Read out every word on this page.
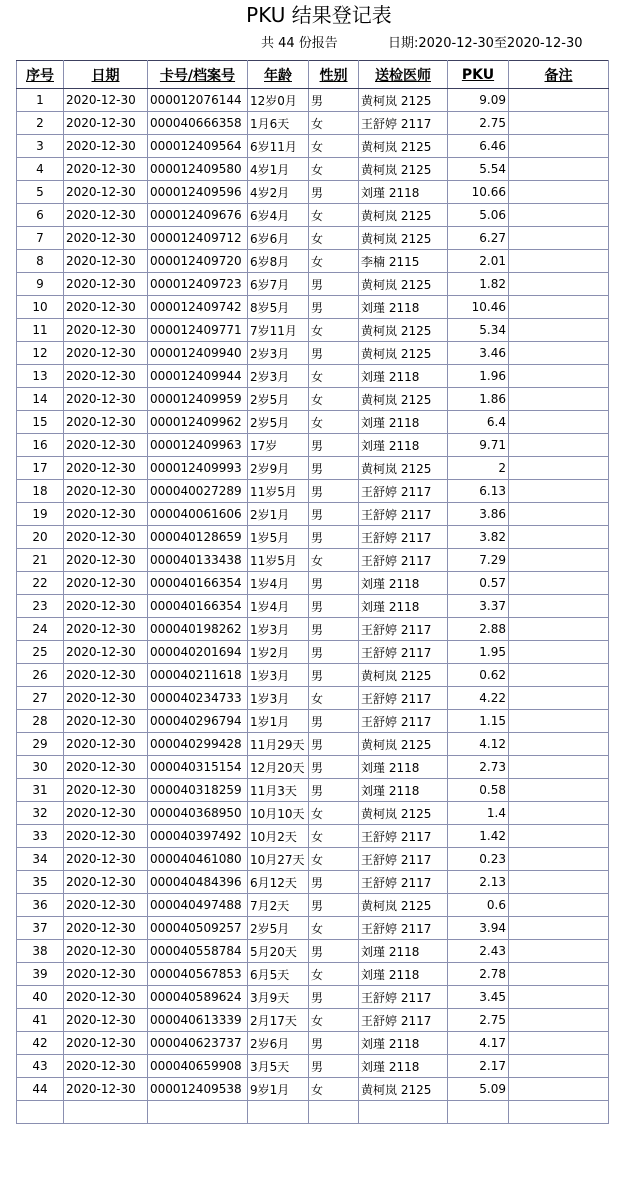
PKU 结果登记表
共 44 份报告	日期:2020-12-30至2020-12-30
序号	日期	卡号/档案号	年龄	性别	送检医师	PKU	备注
1	2020-12-30	000012076144	12岁0月	男	黄柯岚 2125	9.09	
2	2020-12-30	000040666358	1月6天	女	王舒婷 2117	2.75	
3	2020-12-30	000012409564	6岁11月	女	黄柯岚 2125	6.46	
4	2020-12-30	000012409580	4岁1月	女	黄柯岚 2125	5.54	
5	2020-12-30	000012409596	4岁2月	男	刘瑾 2118	10.66	
6	2020-12-30	000012409676	6岁4月	女	黄柯岚 2125	5.06	
7	2020-12-30	000012409712	6岁6月	女	黄柯岚 2125	6.27	
8	2020-12-30	000012409720	6岁8月	女	李楠 2115	2.01	
9	2020-12-30	000012409723	6岁7月	男	黄柯岚 2125	1.82	
10	2020-12-30	000012409742	8岁5月	男	刘瑾 2118	10.46	
11	2020-12-30	000012409771	7岁11月	女	黄柯岚 2125	5.34	
12	2020-12-30	000012409940	2岁3月	男	黄柯岚 2125	3.46	
13	2020-12-30	000012409944	2岁3月	女	刘瑾 2118	1.96	
14	2020-12-30	000012409959	2岁5月	女	黄柯岚 2125	1.86	
15	2020-12-30	000012409962	2岁5月	女	刘瑾 2118	6.4	
16	2020-12-30	000012409963	17岁	男	刘瑾 2118	9.71	
17	2020-12-30	000012409993	2岁9月	男	黄柯岚 2125	2	
18	2020-12-30	000040027289	11岁5月	男	王舒婷 2117	6.13	
19	2020-12-30	000040061606	2岁1月	男	王舒婷 2117	3.86	
20	2020-12-30	000040128659	1岁5月	男	王舒婷 2117	3.82	
21	2020-12-30	000040133438	11岁5月	女	王舒婷 2117	7.29	
22	2020-12-30	000040166354	1岁4月	男	刘瑾 2118	0.57	
23	2020-12-30	000040166354	1岁4月	男	刘瑾 2118	3.37	
24	2020-12-30	000040198262	1岁3月	男	王舒婷 2117	2.88	
25	2020-12-30	000040201694	1岁2月	男	王舒婷 2117	1.95	
26	2020-12-30	000040211618	1岁3月	男	黄柯岚 2125	0.62	
27	2020-12-30	000040234733	1岁3月	女	王舒婷 2117	4.22	
28	2020-12-30	000040296794	1岁1月	男	王舒婷 2117	1.15	
29	2020-12-30	000040299428	11月29天	男	黄柯岚 2125	4.12	
30	2020-12-30	000040315154	12月20天	男	刘瑾 2118	2.73	
31	2020-12-30	000040318259	11月3天	男	刘瑾 2118	0.58	
32	2020-12-30	000040368950	10月10天	女	黄柯岚 2125	1.4	
33	2020-12-30	000040397492	10月2天	女	王舒婷 2117	1.42	
34	2020-12-30	000040461080	10月27天	女	王舒婷 2117	0.23	
35	2020-12-30	000040484396	6月12天	男	王舒婷 2117	2.13	
36	2020-12-30	000040497488	7月2天	男	黄柯岚 2125	0.6	
37	2020-12-30	000040509257	2岁5月	女	王舒婷 2117	3.94	
38	2020-12-30	000040558784	5月20天	男	刘瑾 2118	2.43	
39	2020-12-30	000040567853	6月5天	女	刘瑾 2118	2.78	
40	2020-12-30	000040589624	3月9天	男	王舒婷 2117	3.45	
41	2020-12-30	000040613339	2月17天	女	王舒婷 2117	2.75	
42	2020-12-30	000040623737	2岁6月	男	刘瑾 2118	4.17	
43	2020-12-30	000040659908	3月5天	男	刘瑾 2118	2.17	
44	2020-12-30	000012409538	9岁1月	女	黄柯岚 2125	5.09	
